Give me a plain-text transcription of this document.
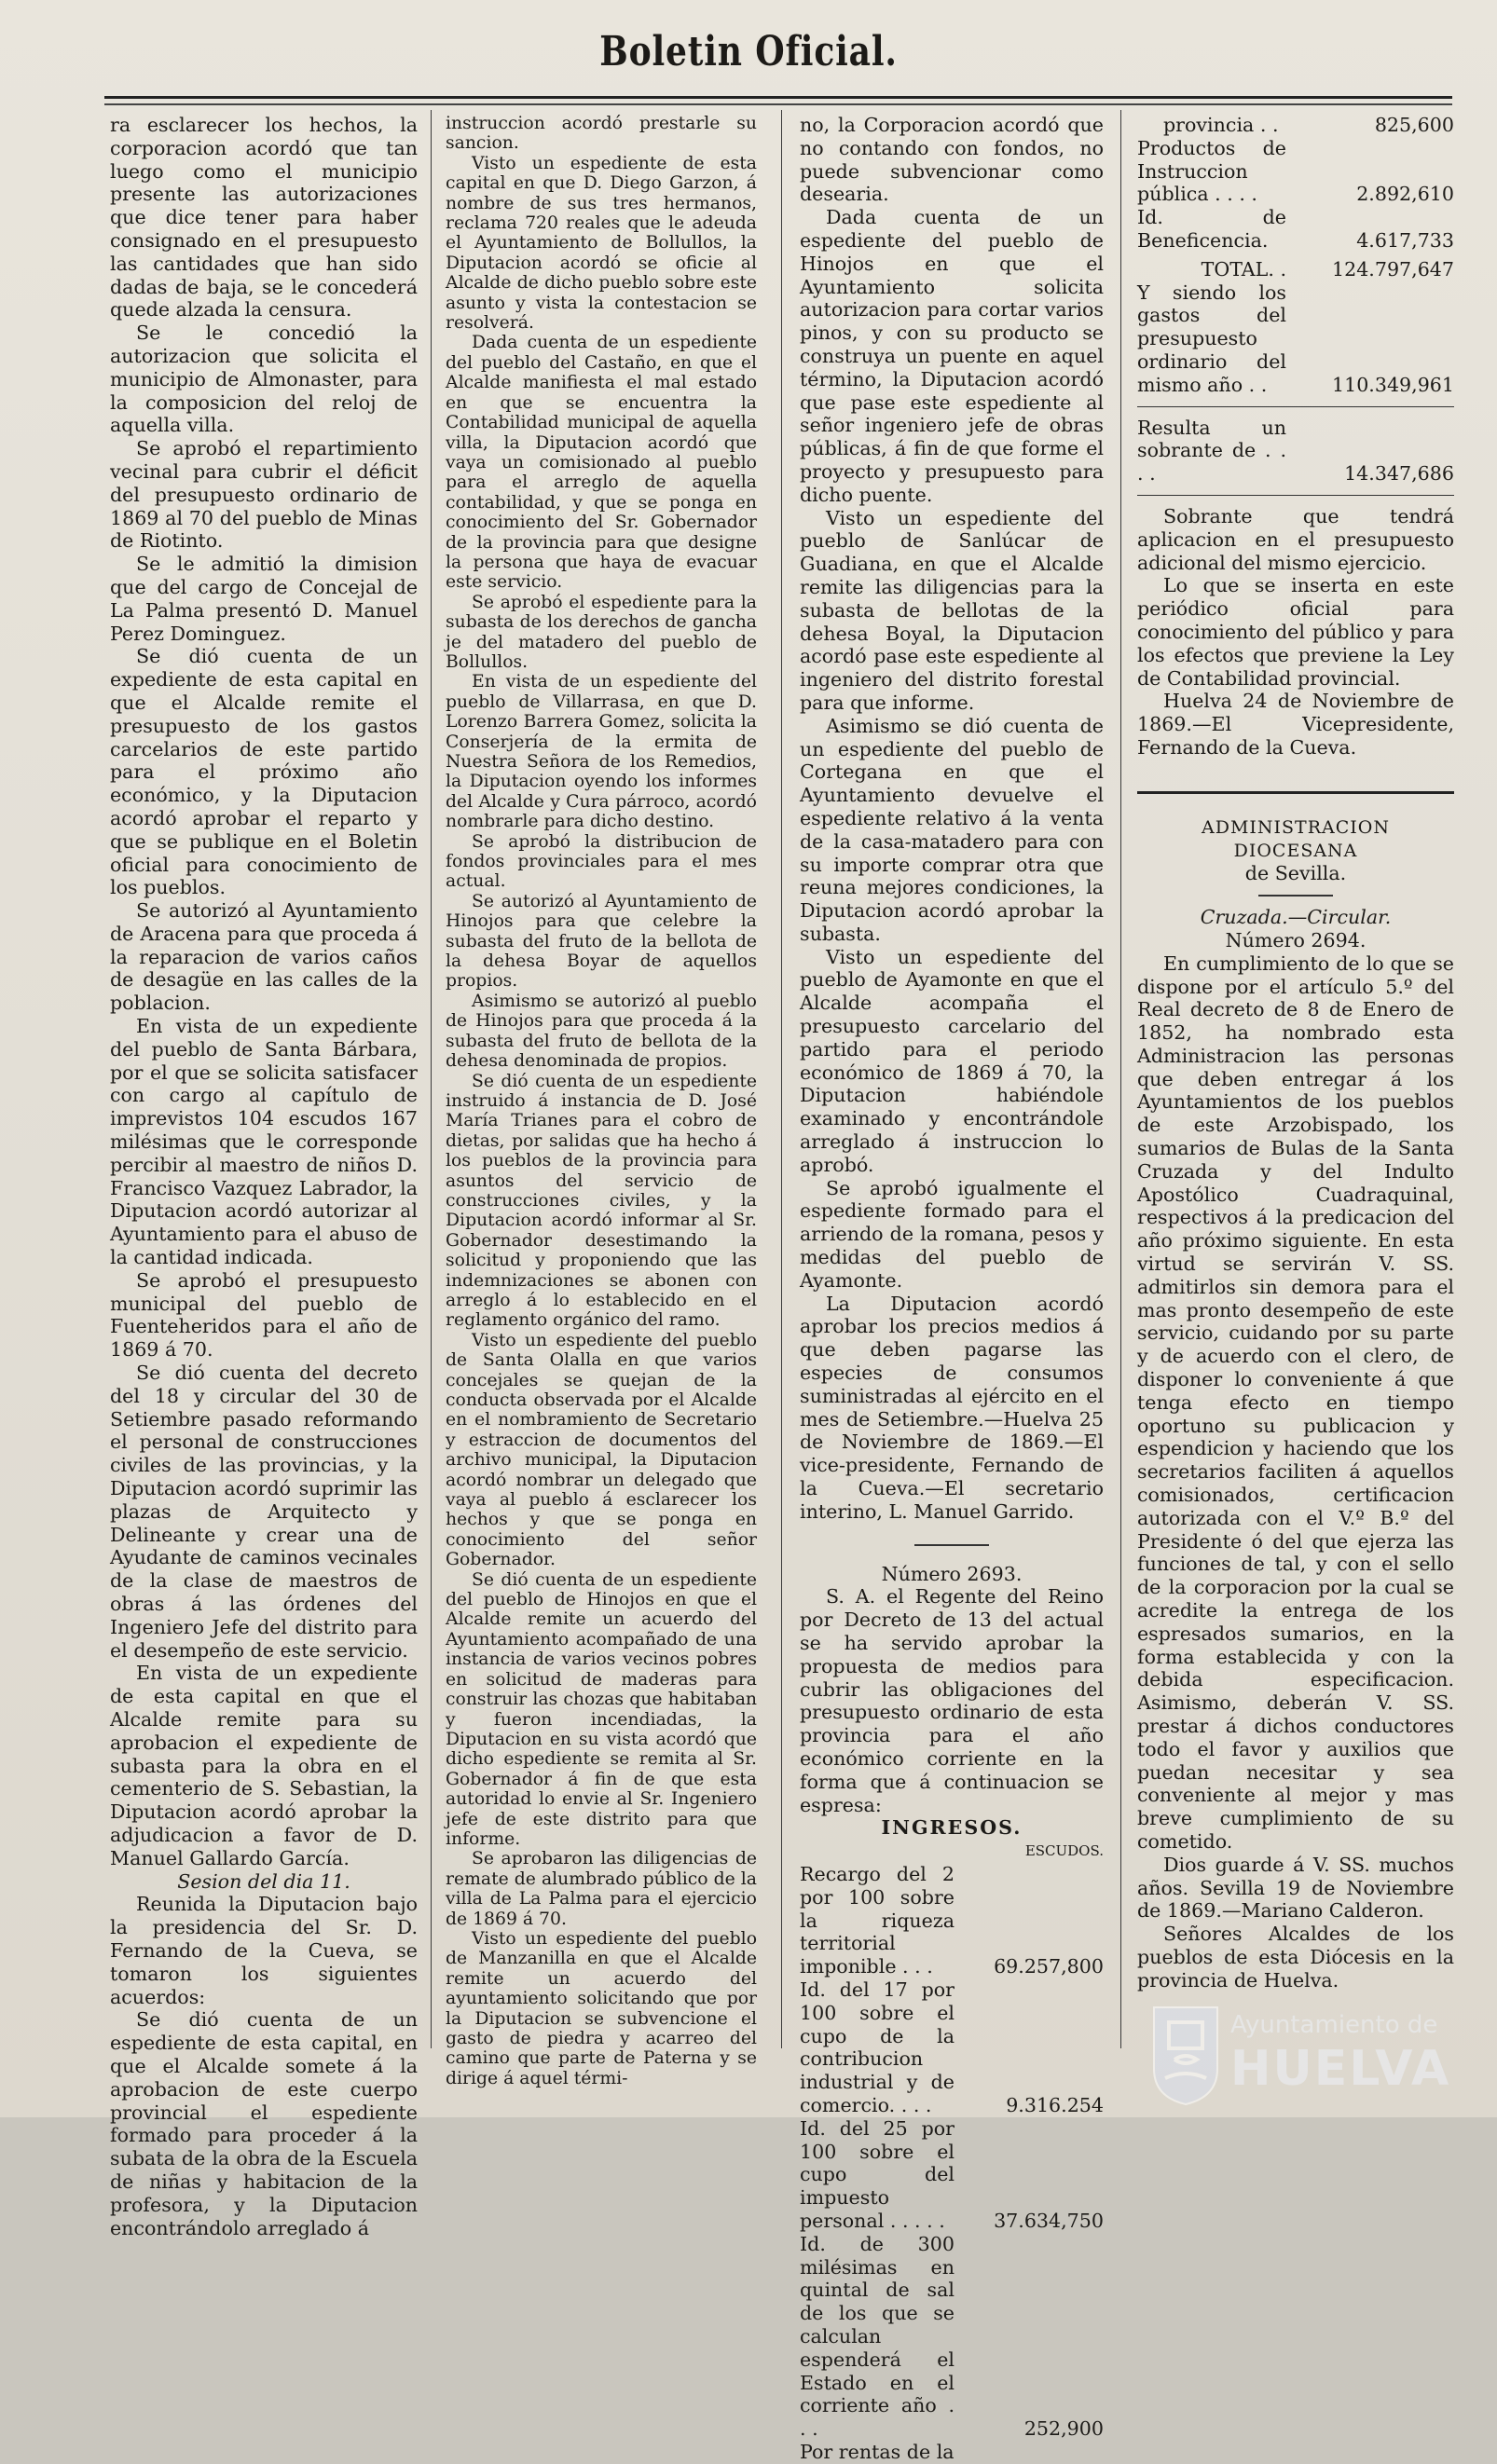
Boletin Oficial.

ra esclarecer los hechos, la corporacion acordó que tan luego como el municipio presente las autorizaciones que dice tener para haber consignado en el presupuesto las cantidades que han sido dadas de baja, se le concederá quede alzada la censura.

Se le concedió la autorizacion que solicita el municipio de Almonaster, para la composicion del reloj de aquella villa.

Se aprobó el repartimiento vecinal para cubrir el déficit del presupuesto ordinario de 1869 al 70 del pueblo de Minas de Riotinto.

Se le admitió la dimision que del cargo de Concejal de La Palma presentó D. Manuel Perez Dominguez.

Se dió cuenta de un expediente de esta capital en que el Alcalde remite el presupuesto de los gastos carcelarios de este partido para el próximo año económico, y la Diputacion acordó aprobar el reparto y que se publique en el Boletin oficial para conocimiento de los pueblos.

Se autorizó al Ayuntamiento de Aracena para que proceda á la reparacion de varios caños de desagüe en las calles de la poblacion.

En vista de un expediente del pueblo de Santa Bárbara, por el que se solicita satisfacer con cargo al capítulo de imprevistos 104 escudos 167 milésimas que le corresponde percibir al maestro de niños D. Francisco Vazquez Labrador, la Diputacion acordó autorizar al Ayuntamiento para el abuso de la cantidad indicada.

Se aprobó el presupuesto municipal del pueblo de Fuenteheridos para el año de 1869 á 70.

Se dió cuenta del decreto del 18 y circular del 30 de Setiembre pasado reformando el personal de construcciones civiles de las provincias, y la Diputacion acordó suprimir las plazas de Arquitecto y Delineante y crear una de Ayudante de caminos vecinales de la clase de maestros de obras á las órdenes del Ingeniero Jefe del distrito para el desempeño de este servicio.

En vista de un expediente de esta capital en que el Alcalde remite para su aprobacion el expediente de subasta para la obra en el cementerio de S. Sebastian, la Diputacion acordó aprobar la adjudicacion a favor de D. Manuel Gallardo García.

Sesion del dia 11.

Reunida la Diputacion bajo la presidencia del Sr. D. Fernando de la Cueva, se tomaron los siguientes acuerdos:

Se dió cuenta de un espediente de esta capital, en que el Alcalde somete á la aprobacion de este cuerpo provincial el espediente formado para proceder á la subata de la obra de la Escuela de niñas y habitacion de la profesora, y la Diputacion encontrándolo arreglado á

instruccion acordó prestarle su sancion.

Visto un espediente de esta capital en que D. Diego Garzon, á nombre de sus tres hermanos, reclama 720 reales que le adeuda el Ayuntamiento de Bollullos, la Diputacion acordó se oficie al Alcalde de dicho pueblo sobre este asunto y vista la contestacion se resolverá.

Dada cuenta de un espediente del pueblo del Castaño, en que el Alcalde manifiesta el mal estado en que se encuentra la Contabilidad municipal de aquella villa, la Diputacion acordó que vaya un comisionado al pueblo para el arreglo de aquella contabilidad, y que se ponga en conocimiento del Sr. Gobernador de la provincia para que designe la persona que haya de evacuar este servicio.

Se aprobó el espediente para la subasta de los derechos de gancha je del matadero del pueblo de Bollullos.

En vista de un espediente del pueblo de Villarrasa, en que D. Lorenzo Barrera Gomez, solicita la Conserjería de la ermita de Nuestra Señora de los Remedios, la Diputacion oyendo los informes del Alcalde y Cura párroco, acordó nombrarle para dicho destino.

Se aprobó la distribucion de fondos provinciales para el mes actual.

Se autorizó al Ayuntamiento de Hinojos para que celebre la subasta del fruto de la bellota de la dehesa Boyar de aquellos propios.

Asimismo se autorizó al pueblo de Hinojos para que proceda á la subasta del fruto de bellota de la dehesa denominada de propios.

Se dió cuenta de un espediente instruido á instancia de D. José María Trianes para el cobro de dietas, por salidas que ha hecho á los pueblos de la provincia para asuntos del servicio de construcciones civiles, y la Diputacion acordó informar al Sr. Gobernador desestimando la solicitud y proponiendo que las indemnizaciones se abonen con arreglo á lo establecido en el reglamento orgánico del ramo.

Visto un espediente del pueblo de Santa Olalla en que varios concejales se quejan de la conducta observada por el Alcalde en el nombramiento de Secretario y estraccion de documentos del archivo municipal, la Diputacion acordó nombrar un delegado que vaya al pueblo á esclarecer los hechos y que se ponga en conocimiento del señor Gobernador.

Se dió cuenta de un espediente del pueblo de Hinojos en que el Alcalde remite un acuerdo del Ayuntamiento acompañado de una instancia de varios vecinos pobres en solicitud de maderas para construir las chozas que habitaban y fueron incendiadas, la Diputacion en su vista acordó que dicho espediente se remita al Sr. Gobernador á fin de que esta autoridad lo envie al Sr. Ingeniero jefe de este distrito para que informe.

Se aprobaron las diligencias de remate de alumbrado público de la villa de La Palma para el ejercicio de 1869 á 70.

Visto un espediente del pueblo de Manzanilla en que el Alcalde remite un acuerdo del ayuntamiento solicitando que por la Diputacion se subvencione el gasto de piedra y acarreo del camino que parte de Paterna y se dirige á aquel térmi-

no, la Corporacion acordó que no contando con fondos, no puede subvencionar como desearia.

Dada cuenta de un espediente del pueblo de Hinojos en que el Ayuntamiento solicita autorizacion para cortar varios pinos, y con su producto se construya un puente en aquel término, la Diputacion acordó que pase este espediente al señor ingeniero jefe de obras públicas, á fin de que forme el proyecto y presupuesto para dicho puente.

Visto un espediente del pueblo de Sanlúcar de Guadiana, en que el Alcalde remite las diligencias para la subasta de bellotas de la dehesa Boyal, la Diputacion acordó pase este espediente al ingeniero del distrito forestal para que informe.

Asimismo se dió cuenta de un espediente del pueblo de Cortegana en que el Ayuntamiento devuelve el espediente relativo á la venta de la casa-matadero para con su importe comprar otra que reuna mejores condiciones, la Diputacion acordó aprobar la subasta.

Visto un espediente del pueblo de Ayamonte en que el Alcalde acompaña el presupuesto carcelario del partido para el periodo económico de 1869 á 70, la Diputacion habiéndole examinado y encontrándole arreglado á instruccion lo aprobó.

Se aprobó igualmente el espediente formado para el arriendo de la romana, pesos y medidas del pueblo de Ayamonte.

La Diputacion acordó aprobar los precios medios á que deben pagarse las especies de consumos suministradas al ejército en el mes de Setiembre.—Huelva 25 de Noviembre de 1869.—El vice-presidente, Fernando de la Cueva.—El secretario interino, L. Manuel Garrido.

Número 2693.

S. A. el Regente del Reino por Decreto de 13 del actual se ha servido aprobar la propuesta de medios para cubrir las obligaciones del presupuesto ordinario de esta provincia para el año económico corriente en la forma que á continuacion se espresa:

INGRESOS.

ESCUDOS.

Recargo del 2 por 100 sobre la riqueza territorial imponible . . .	69.257,800
Id. del 17 por 100 sobre el cupo de la contribucion industrial y de comercio. . . .	9.316.254
Id. del 25 por 100 sobre el cupo del impuesto personal . . . . .	37.634,750
Id. de 300 milésimas en quintal de sal de los que se calculan espenderá el Estado en el corriente año . . .	252,900
Por rentas de la
provincia . .	825,600
Productos de Instruccion pública . . . .	2.892,610
Id. de Beneficencia.	4.617,733
TOTAL. .	124.797,647
Y siendo los gastos del presupuesto ordinario del mismo año . .	110.349,961
Resulta un sobrante de . . . .	14.347,686

Sobrante que tendrá aplicacion en el presupuesto adicional del mismo ejercicio.

Lo que se inserta en este periódico oficial para conocimiento del público y para los efectos que previene la Ley de Contabilidad provincial.

Huelva 24 de Noviembre de 1869.—El Vicepresidente, Fernando de la Cueva.

ADMINISTRACION DIOCESANA

de Sevilla.

Cruzada.—Circular.

Número 2694.

En cumplimiento de lo que se dispone por el artículo 5.º del Real decreto de 8 de Enero de 1852, ha nombrado esta Administracion las personas que deben entregar á los Ayuntamientos de los pueblos de este Arzobispado, los sumarios de Bulas de la Santa Cruzada y del Indulto Apostólico Cuadraquinal, respectivos á la predicacion del año próximo siguiente. En esta virtud se servirán V. SS. admitirlos sin demora para el mas pronto desempeño de este servicio, cuidando por su parte y de acuerdo con el clero, de disponer lo conveniente á que tenga efecto en tiempo oportuno su publicacion y espendicion y haciendo que los secretarios faciliten á aquellos comisionados, certificacion autorizada con el V.º B.º del Presidente ó del que ejerza las funciones de tal, y con el sello de la corporacion por la cual se acredite la entrega de los espresados sumarios, en la forma establecida y con la debida especificacion. Asimismo, deberán V. SS. prestar á dichos conductores todo el favor y auxilios que puedan necesitar y sea conveniente al mejor y mas breve cumplimiento de su cometido.

Dios guarde á V. SS. muchos años. Sevilla 19 de Noviembre de 1869.—Mariano Calderon.

Señores Alcaldes de los pueblos de esta Diócesis en la provincia de Huelva.

Ayuntamiento de
HUELVA
